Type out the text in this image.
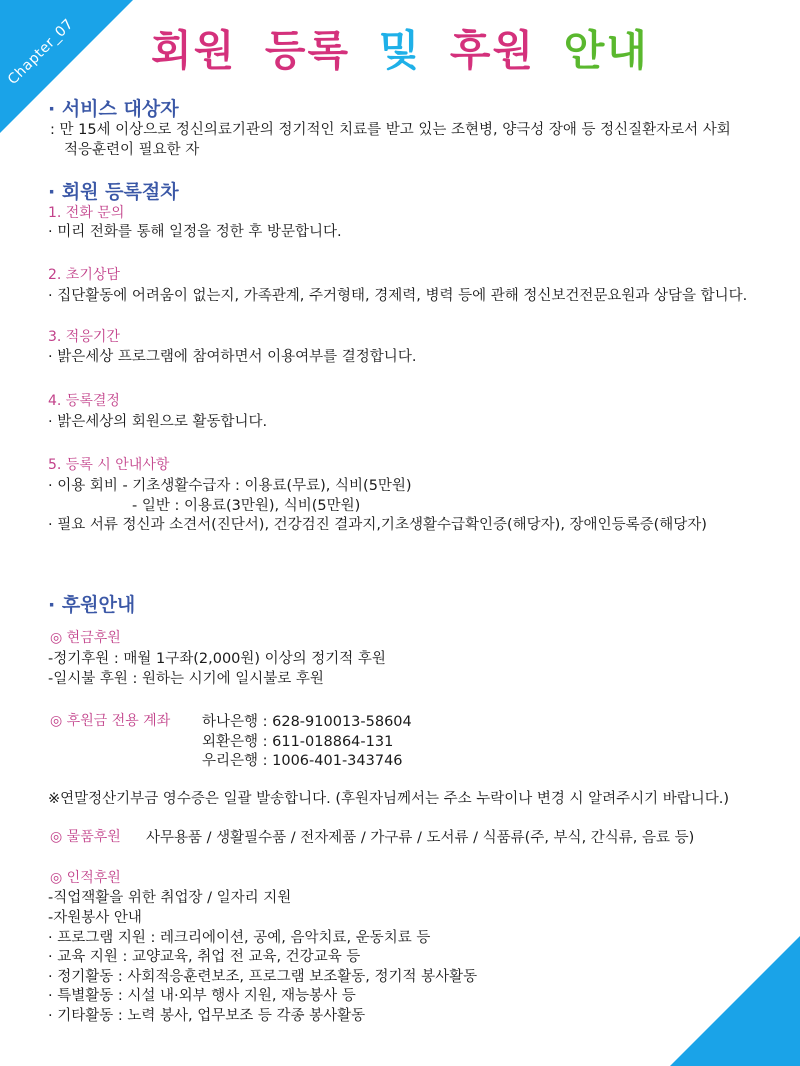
Chapter_07	회원 등록 및 후원 안내
· 서비스 대상자
: 만 15세 이상으로 정신의료기관의 정기적인 치료를 받고 있는 조현병, 양극성 장애 등 정신질환자로서 사회
적응훈련이 필요한 자
· 회원 등록절차
1. 전화 문의
· 미리 전화를 통해 일정을 정한 후 방문합니다.
2. 초기상담
· 집단활동에 어려움이 없는지, 가족관계, 주거형태, 경제력, 병력 등에 관해 정신보건전문요원과 상담을 합니다.
3. 적응기간
· 밝은세상 프로그램에 참여하면서 이용여부를 결정합니다.
4. 등록결정
· 밝은세상의 회원으로 활동합니다.
5. 등록 시 안내사항
· 이용 회비 - 기초생활수급자 : 이용료(무료), 식비(5만원)
- 일반 : 이용료(3만원), 식비(5만원)
· 필요 서류 정신과 소견서(진단서), 건강검진 결과지,기초생활수급확인증(해당자), 장애인등록증(해당자)
· 후원안내
◎ 현금후원
-정기후원 : 매월 1구좌(2,000원) 이상의 정기적 후원
-일시불 후원 : 원하는 시기에 일시불로 후원
◎ 후원금 전용 계좌 하나은행 : 628-910013-58604
외환은행 : 611-018864-131
우리은행 : 1006-401-343746
※연말정산기부금 영수증은 일괄 발송합니다. (후원자님께서는 주소 누락이나 변경 시 알려주시기 바랍니다.)
◎ 물품후원 사무용품 / 생활필수품 / 전자제품 / 가구류 / 도서류 / 식품류(주, 부식, 간식류, 음료 등)
◎ 인적후원
-직업잭활을 위한 취업장 / 일자리 지원
-자원봉사 안내
· 프로그램 지원 : 레크리에이션, 공예, 음악치료, 운동치료 등
· 교육 지원 : 교양교육, 취업 전 교육, 건강교육 등
· 정기활동 : 사회적응훈련보조, 프로그램 보조활동, 정기적 봉사활동
· 특별활동 : 시설 내·외부 행사 지원, 재능봉사 등
· 기타활동 : 노력 봉사, 업무보조 등 각종 봉사활동
